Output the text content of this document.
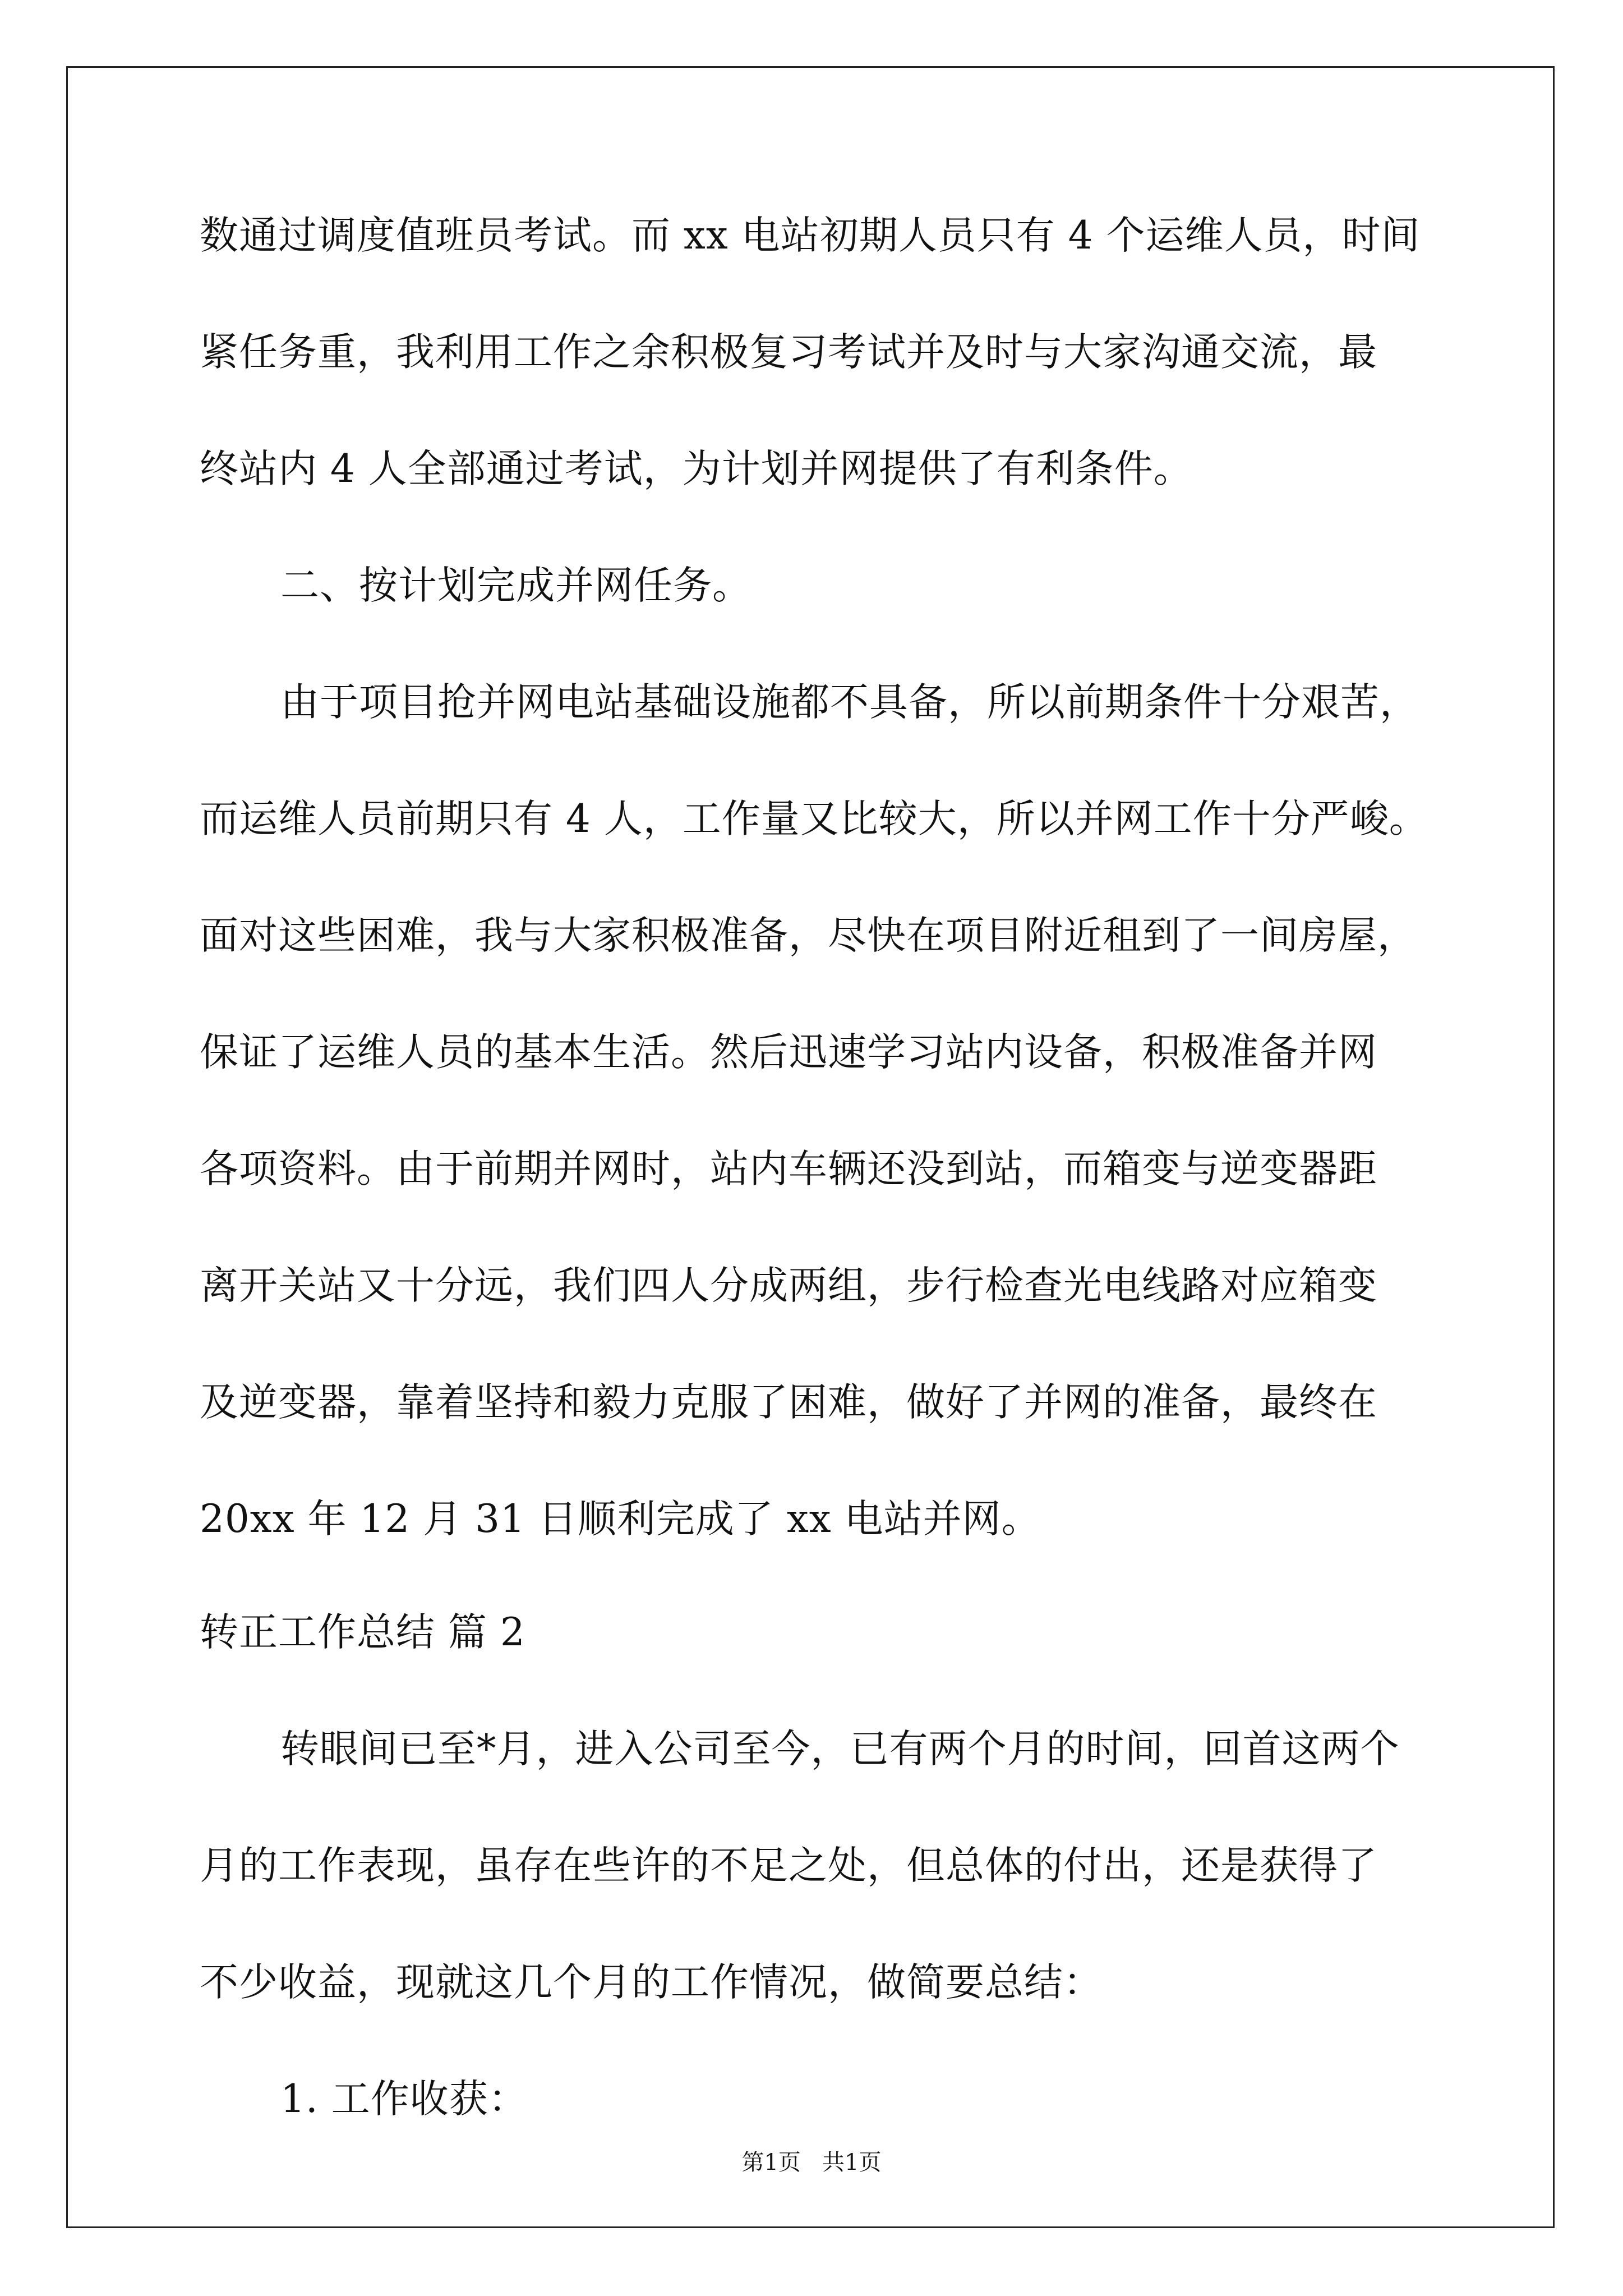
数通过调度值班员考试。而 xx 电站初期人员只有 4 个运维人员，时间
紧任务重，我利用工作之余积极复习考试并及时与大家沟通交流，最
终站内 4 人全部通过考试，为计划并网提供了有利条件。
二、按计划完成并网任务。
由于项目抢并网电站基础设施都不具备，所以前期条件十分艰苦，
而运维人员前期只有 4 人，工作量又比较大，所以并网工作十分严峻。
面对这些困难，我与大家积极准备，尽快在项目附近租到了一间房屋，
保证了运维人员的基本生活。然后迅速学习站内设备，积极准备并网
各项资料。由于前期并网时，站内车辆还没到站，而箱变与逆变器距
离开关站又十分远，我们四人分成两组，步行检查光电线路对应箱变
及逆变器，靠着坚持和毅力克服了困难，做好了并网的准备，最终在
20xx 年 12 月 31 日顺利完成了 xx 电站并网。
转正工作总结 篇 2
转眼间已至*月，进入公司至今，已有两个月的时间，回首这两个
月的工作表现，虽存在些许的不足之处，但总体的付出，还是获得了
不少收益，现就这几个月的工作情况，做简要总结：
1. 工作收获：
第1页   共1页
